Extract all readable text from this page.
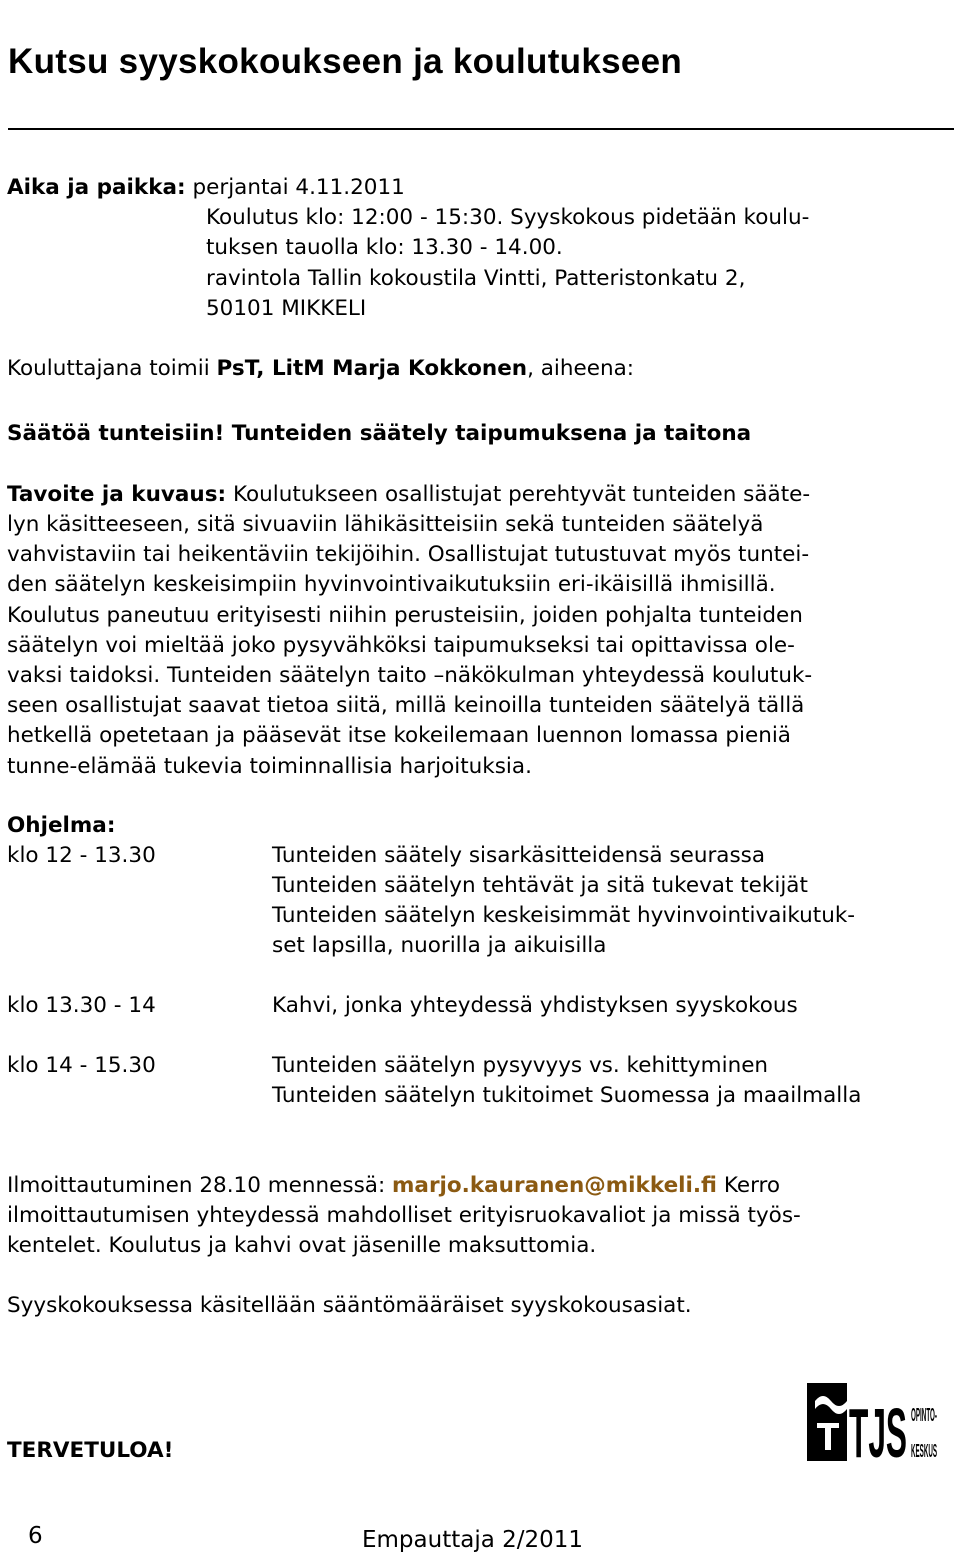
Kutsu syyskokoukseen ja koulutukseen
Aika ja paikka: perjantai 4.11.2011
Koulutus klo: 12:00 - 15:30. Syyskokous pidetään koulu-
tuksen tauolla klo: 13.30 - 14.00.
ravintola Tallin kokoustila Vintti, Patteristonkatu 2,
50101 MIKKELI
Kouluttajana toimii PsT, LitM Marja Kokkonen, aiheena:
Säätöä tunteisiin! Tunteiden säätely taipumuksena ja taitona
Tavoite ja kuvaus: Koulutukseen osallistujat perehtyvät tunteiden sääte-
lyn käsitteeseen, sitä sivuaviin lähikäsitteisiin sekä tunteiden säätelyä
vahvistaviin tai heikentäviin tekijöihin. Osallistujat tutustuvat myös tuntei-
den säätelyn keskeisimpiin hyvinvointivaikutuksiin eri-ikäisillä ihmisillä.
Koulutus paneutuu erityisesti niihin perusteisiin, joiden pohjalta tunteiden
säätelyn voi mieltää joko pysyvähköksi taipumukseksi tai opittavissa ole-
vaksi taidoksi. Tunteiden säätelyn taito –näkökulman yhteydessä koulutuk-
seen osallistujat saavat tietoa siitä, millä keinoilla tunteiden säätelyä tällä
hetkellä opetetaan ja pääsevät itse kokeilemaan luennon lomassa pieniä
tunne-elämää tukevia toiminnallisia harjoituksia.
Ohjelma:
klo 12 - 13.30	Tunteiden säätely sisarkäsitteidensä seurassa
Tunteiden säätelyn tehtävät ja sitä tukevat tekijät
Tunteiden säätelyn keskeisimmät hyvinvointivaikutuk-
set lapsilla, nuorilla ja aikuisilla
klo 13.30 - 14	Kahvi, jonka yhteydessä yhdistyksen syyskokous
klo 14 - 15.30	Tunteiden säätelyn pysyvyys vs. kehittyminen
Tunteiden säätelyn tukitoimet Suomessa ja maailmalla
Ilmoittautuminen 28.10 mennessä: marjo.kauranen@mikkeli.fi Kerro
ilmoittautumisen yhteydessä mahdolliset erityisruokavaliot ja missä työs-
kentelet. Koulutus ja kahvi ovat jäsenille maksuttomia.
Syyskokouksessa käsitellään sääntömääräiset syyskokousasiat.
TERVETULOA!	TJS OPINTO-
KESKUS
6	Empauttaja 2/2011
